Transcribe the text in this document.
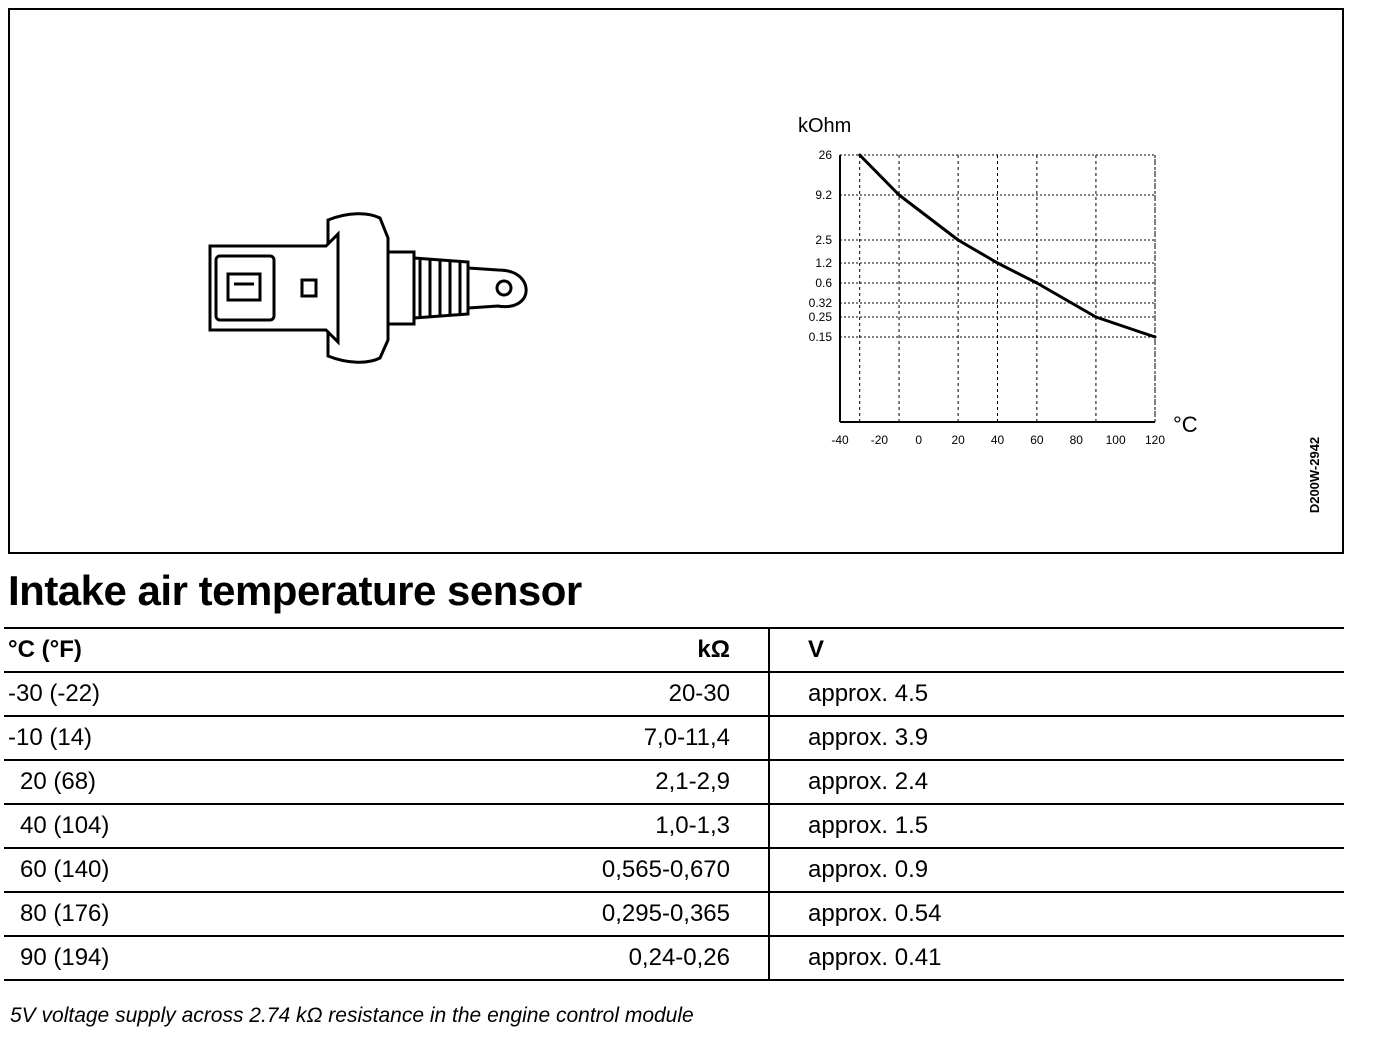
26
9.2
2.5
1.2
0.6
0.32
0.25
0.15
-40 -20 0 20 40 60 80 100 120
kOhm
°C
D200W-2942
Intake air temperature sensor
°C (°F)	kΩ	V
-30 (-22)	20-30	approx. 4.5
-10 (14)	7,0-11,4	approx. 3.9
20 (68)	2,1-2,9	approx. 2.4
40 (104)	1,0-1,3	approx. 1.5
60 (140)	0,565-0,670	approx. 0.9
80 (176)	0,295-0,365	approx. 0.54
90 (194)	0,24-0,26	approx. 0.41

5V voltage supply across 2.74 kΩ resistance in the engine control module
